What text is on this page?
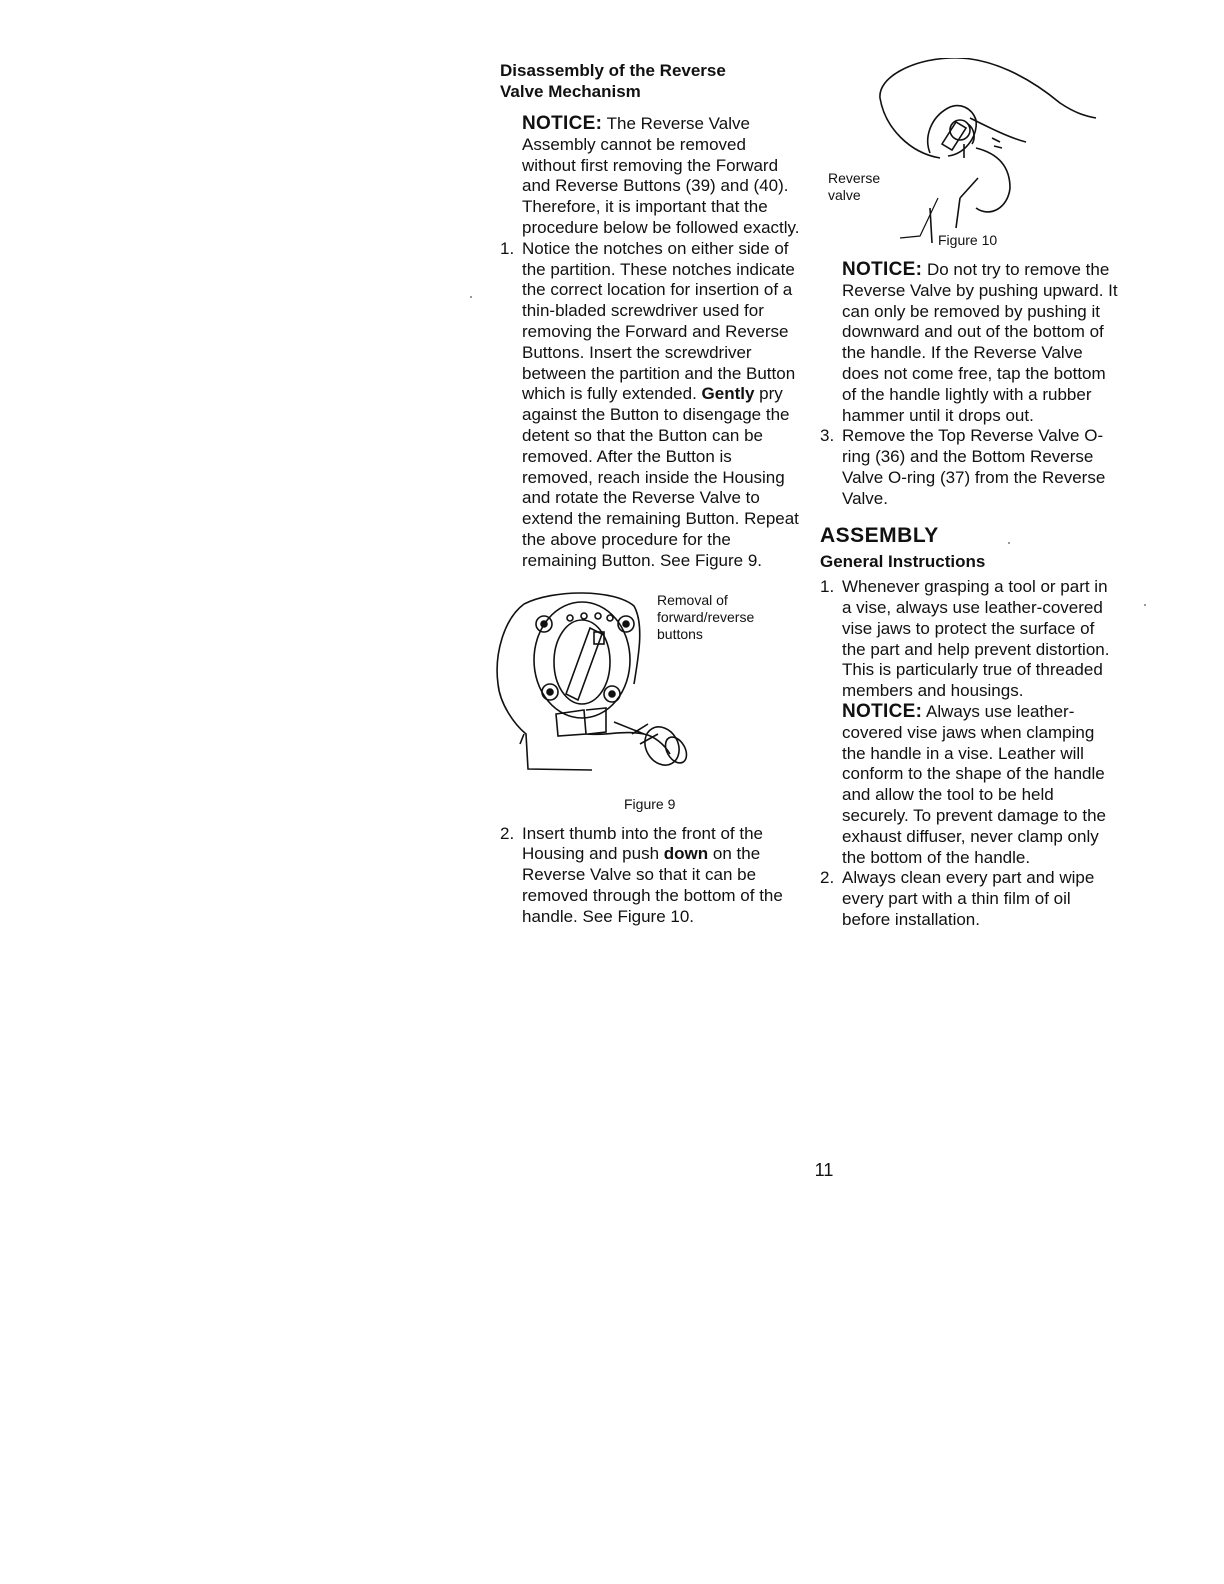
Disassembly of the Reverse
Valve Mechanism

NOTICE: The Reverse Valve Assembly cannot be removed without first removing the Forward and Reverse Buttons (39) and (40). Therefore, it is important that the procedure below be followed exactly.

1. Notice the notches on either side of the partition. These notches indicate the correct location for insertion of a thin-bladed screwdriver used for removing the Forward and Reverse Buttons. Insert the screwdriver between the partition and the Button which is fully extended. Gently pry against the Button to disengage the detent so that the Button can be removed. After the Button is removed, reach inside the Housing and rotate the Reverse Valve to extend the remaining Button. Repeat the above procedure for the remaining Button. See Figure 9.

Removal of
forward/reverse
buttons
Figure 9

2. Insert thumb into the front of the Housing and push down on the Reverse Valve so that it can be removed through the bottom of the handle. See Figure 10.

Reverse
valve
Figure 10

NOTICE: Do not try to remove the Reverse Valve by pushing upward. It can only be removed by pushing it downward and out of the bottom of the handle. If the Reverse Valve does not come free, tap the bottom of the handle lightly with a rubber hammer until it drops out.

3. Remove the Top Reverse Valve O-ring (36) and the Bottom Reverse Valve O-ring (37) from the Reverse Valve.

ASSEMBLY
General Instructions

1. Whenever grasping a tool or part in a vise, always use leather-covered vise jaws to protect the surface of the part and help prevent distortion. This is particularly true of threaded members and housings.

NOTICE: Always use leather-covered vise jaws when clamping the handle in a vise. Leather will conform to the shape of the handle and allow the tool to be held securely. To prevent damage to the exhaust diffuser, never clamp only the bottom of the handle.

2. Always clean every part and wipe every part with a thin film of oil before installation.

11
